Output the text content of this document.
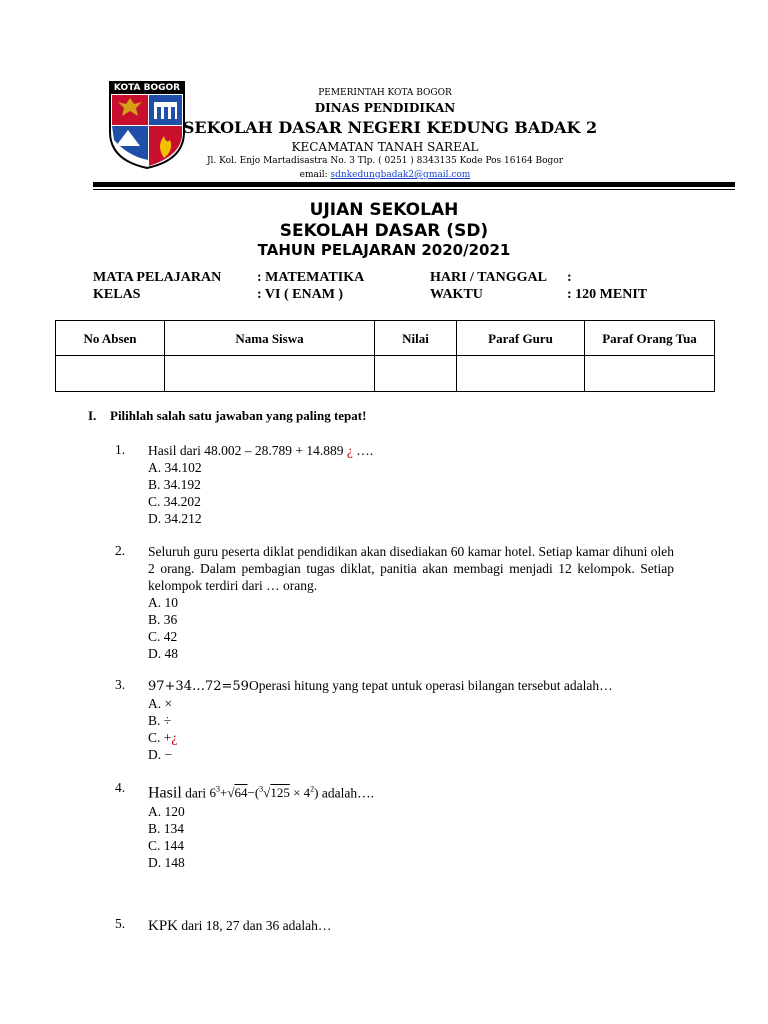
KOTA BOGOR	PEMERINTAH KOTA BOGOR
DINAS PENDIDIKAN
SEKOLAH DASAR NEGERI KEDUNG BADAK 2
KECAMATAN TANAH SAREAL
Jl. Kol. Enjo Martadisastra No. 3 Tlp. ( 0251 ) 8343135 Kode Pos 16164 Bogor
email: sdnkedungbadak2@gmail.com
UJIAN SEKOLAH
SEKOLAH DASAR (SD)
TAHUN PELAJARAN 2020/2021
MATA PELAJARAN	: MATEMATIKA	HARI / TANGGAL :
KELAS	: VI ( ENAM )	WAKTU	: 120 MENIT
No Absen	Nama Siswa	Nilai	Paraf Guru	Paraf Orang Tua

I. Pilihlah salah satu jawaban yang paling tepat!
1. Hasil dari 48.002 – 28.789 + 14.889 ¿ ….
A. 34.102
B. 34.192
C. 34.202
D. 34.212
2. Seluruh guru peserta diklat pendidikan akan disediakan 60 kamar hotel. Setiap kamar dihuni oleh 2 orang. Dalam pembagian tugas diklat, panitia akan membagi menjadi 12 kelompok. Setiap kelompok terdiri dari … orang.
A. 10
B. 36
C. 42
D. 48
3. 97+34…72=59Operasi hitung yang tepat untuk operasi bilangan tersebut adalah…
A. ×
B. ÷
C. +¿
D. −
4. Hasil dari $6^3+√64-(^3√125 \times 4^2)$ adalah….
A. 120
B. 134
C. 144
D. 148
5. KPK dari 18, 27 dan 36 adalah…
